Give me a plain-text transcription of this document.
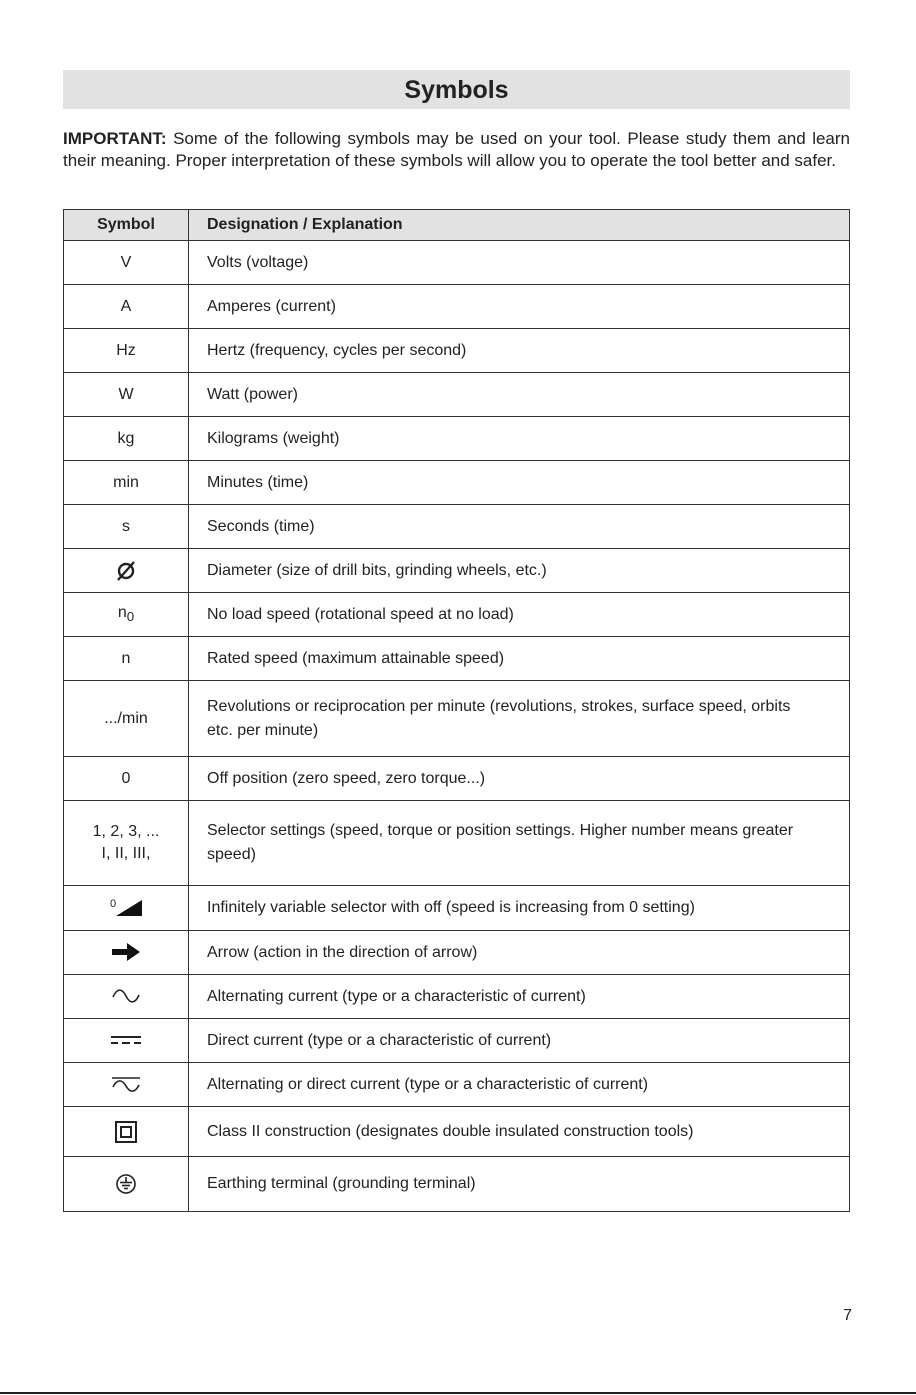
Symbols
IMPORTANT: Some of the following symbols may be used on your tool. Please study them and learn their meaning. Proper interpretation of these symbols will allow you to operate the tool better and safer.
Symbol	Designation / Explanation
V	Volts (voltage)
A	Amperes (current)
Hz	Hertz (frequency, cycles per second)
W	Watt (power)
kg	Kilograms (weight)
min	Minutes (time)
s	Seconds (time)
	Diameter (size of drill bits, grinding wheels, etc.)
$n_0$	No load speed (rotational speed at no load)
n	Rated speed (maximum attainable speed)
.../min	Revolutions or reciprocation per minute (revolutions, strokes, surface speed, orbits etc. per minute)
0	Off position (zero speed, zero torque...)

1, 2, 3, ...
I, II, III,	Selector settings (speed, torque or position settings. Higher number means greater speed)
$^0$	Infinitely variable selector with off (speed is increasing from 0 setting)
	Arrow (action in the direction of arrow)
	Alternating current (type or a characteristic of current)
	Direct current (type or a characteristic of current)
	Alternating or direct current (type or a characteristic of current)
	Class II construction (designates double insulated construction tools)
	Earthing terminal (grounding terminal)
7
